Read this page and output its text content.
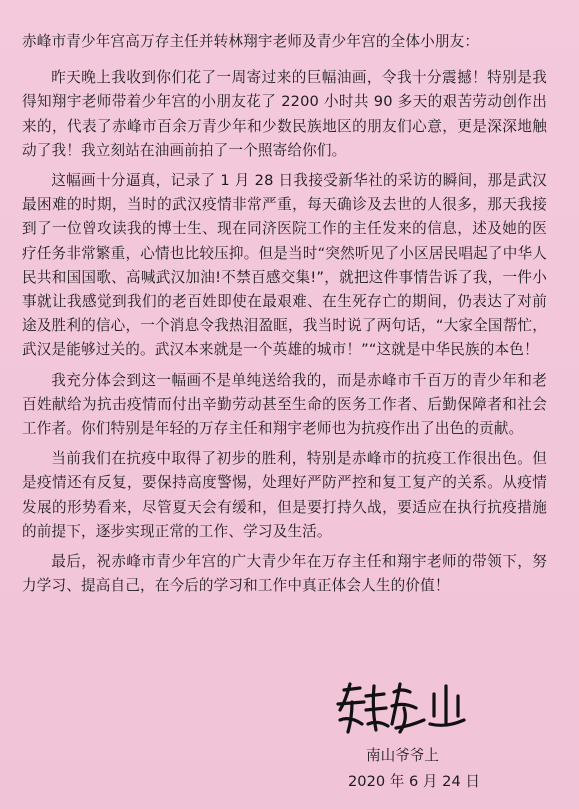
赤峰市青少年宫高万存主任并转林翔宇老师及青少年宫的全体小朋友：

昨天晚上我收到你们花了一周寄过来的巨幅油画，令我十分震撼！特别是我得知翔宇老师带着少年宫的小朋友花了 2200 小时共 90 多天的艰苦劳动创作出来的，代表了赤峰市百余万青少年和少数民族地区的朋友们心意，更是深深地触动了我！我立刻站在油画前拍了一个照寄给你们。

这幅画十分逼真，记录了 1 月 28 日我接受新华社的采访的瞬间，那是武汉最困难的时期，当时的武汉疫情非常严重，每天确诊及去世的人很多，那天我接到了一位曾攻读我的博士生、现在同济医院工作的主任发来的信息，述及她的医疗任务非常繁重，心情也比较压抑。但是当时“突然听见了小区居民唱起了中华人民共和国国歌、高喊武汉加油!不禁百感交集!”，就把这件事情告诉了我，一件小事就让我感觉到我们的老百姓即使在最艰难、在生死存亡的期间，仍表达了对前途及胜利的信心，一个消息令我热泪盈眶，我当时说了两句话，“大家全国帮忙，武汉是能够过关的。武汉本来就是一个英雄的城市！”“这就是中华民族的本色！

我充分体会到这一幅画不是单纯送给我的，而是赤峰市千百万的青少年和老百姓献给为抗击疫情而付出辛勤劳动甚至生命的医务工作者、后勤保障者和社会工作者。你们特别是年轻的万存主任和翔宇老师也为抗疫作出了出色的贡献。

当前我们在抗疫中取得了初步的胜利，特别是赤峰市的抗疫工作很出色。但是疫情还有反复，要保持高度警惕，处理好严防严控和复工复产的关系。从疫情发展的形势看来，尽管夏天会有缓和，但是要打持久战，要适应在执行抗疫措施的前提下，逐步实现正常的工作、学习及生活。

最后，祝赤峰市青少年宫的广大青少年在万存主任和翔宇老师的带领下，努力学习、提高自己，在今后的学习和工作中真正体会人生的价值！

南山爷爷上
2020 年 6 月 24 日
